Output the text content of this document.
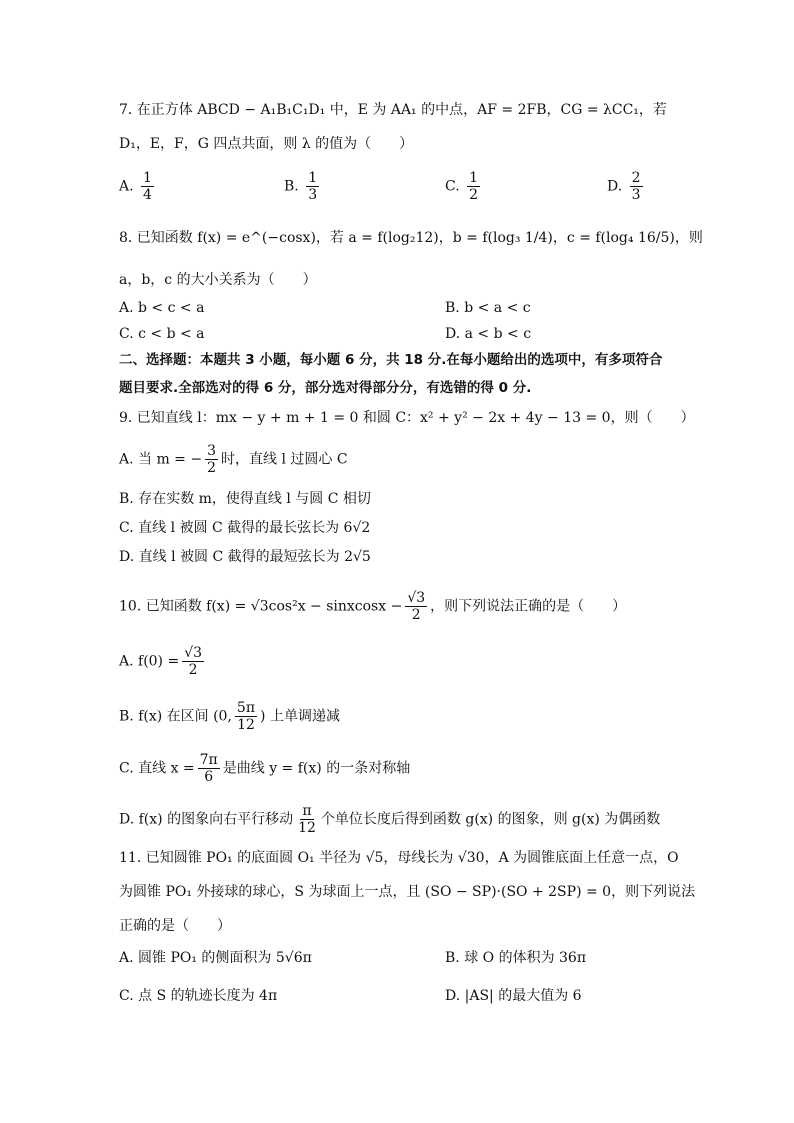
7. 在正方体 ABCD − A₁B₁C₁D₁ 中，E 为 AA₁ 的中点，AF = 2FB，CG = λCC₁，若
D₁，E，F，G 四点共面，则 λ 的值为（　　）
A. $\frac{1}{4}$	B. $\frac{1}{3}$	C. $\frac{1}{2}$	D. $\frac{2}{3}$
8. 已知函数 f(x) = e^(−cosx)，若 a = f(log₂12)，b = f(log₃ 1/4)，c = f(log₄ 16/5)，则
a，b，c 的大小关系为（　　）
A. b < c < a	B. b < a < c
C. c < b < a	D. a < b < c
二、选择题：本题共 3 小题，每小题 6 分，共 18 分.在每小题给出的选项中，有多项符合
题目要求.全部选对的得 6 分，部分选对得部分分，有选错的得 0 分.
9. 已知直线 l：mx − y + m + 1 = 0 和圆 C：x² + y² − 2x + 4y − 13 = 0，则（　　）
A. 当 m = − $\frac{3}{2}$ 时，直线 l 过圆心 C
B. 存在实数 m，使得直线 l 与圆 C 相切
C. 直线 l 被圆 C 截得的最长弦长为 6√2
D. 直线 l 被圆 C 截得的最短弦长为 2√5
10. 已知函数 f(x) = √3cos²x − sinxcosx − $\frac{√3}{2}$ ，则下列说法正确的是（　　）
A. $f(0) = \frac{√3}{2}$
B. f(x) 在区间 (0, $\frac{5\pi}{12}$ ) 上单调递减
C. 直线 $x = \frac{7\pi}{6}$ 是曲线 y = f(x) 的一条对称轴
D. f(x) 的图象向右平行移动 $\frac{\pi}{12}$ 个单位长度后得到函数 g(x) 的图象，则 g(x) 为偶函数
11. 已知圆锥 PO₁ 的底面圆 O₁ 半径为 √5，母线长为 √30，A 为圆锥底面上任意一点，O
为圆锥 PO₁ 外接球的球心，S 为球面上一点，且 (SO − SP)·(SO + 2SP) = 0，则下列说法
正确的是（　　）
A. 圆锥 PO₁ 的侧面积为 5√6π	B. 球 O 的体积为 36π
C. 点 S 的轨迹长度为 4π	D. |AS| 的最大值为 6
